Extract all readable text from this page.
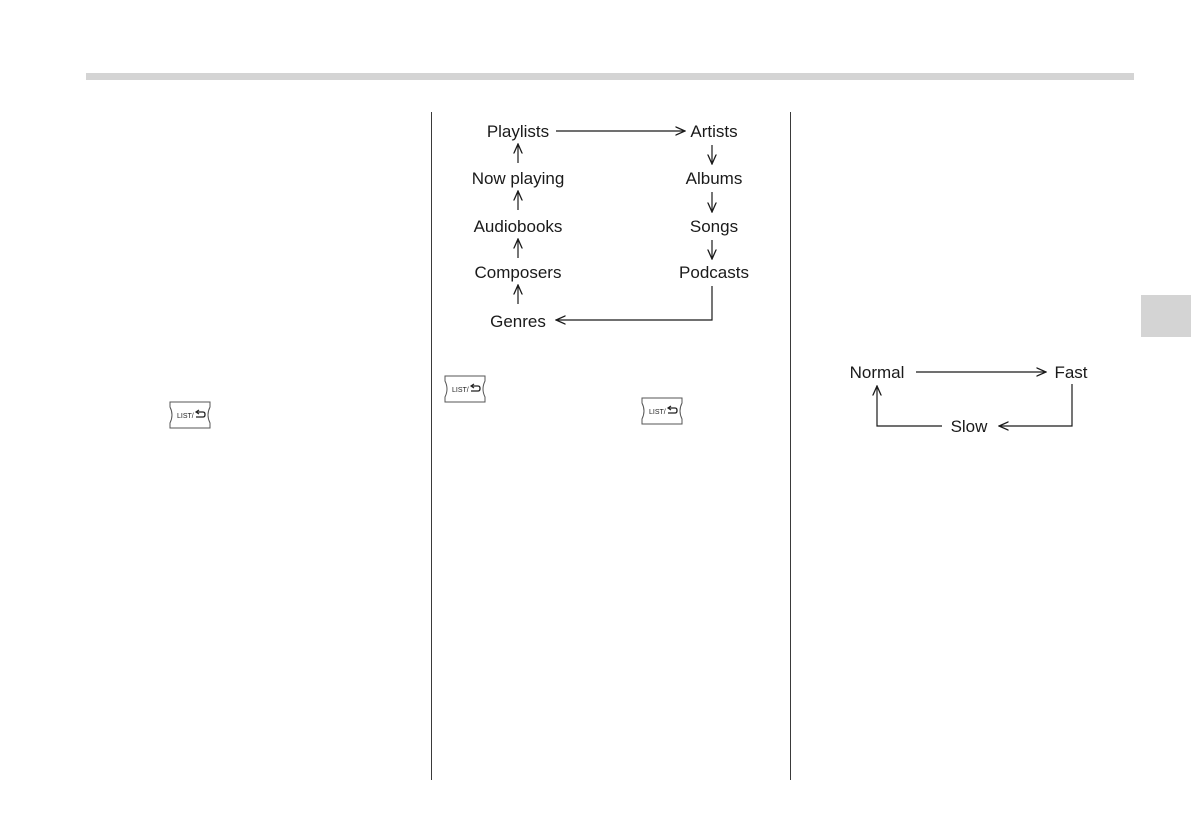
LIST/
LIST/
LIST/
Playlists	Artists
Albums
Songs
Podcasts
Genres
Composers
Audiobooks
Now playing
Normal	Fast
Slow
